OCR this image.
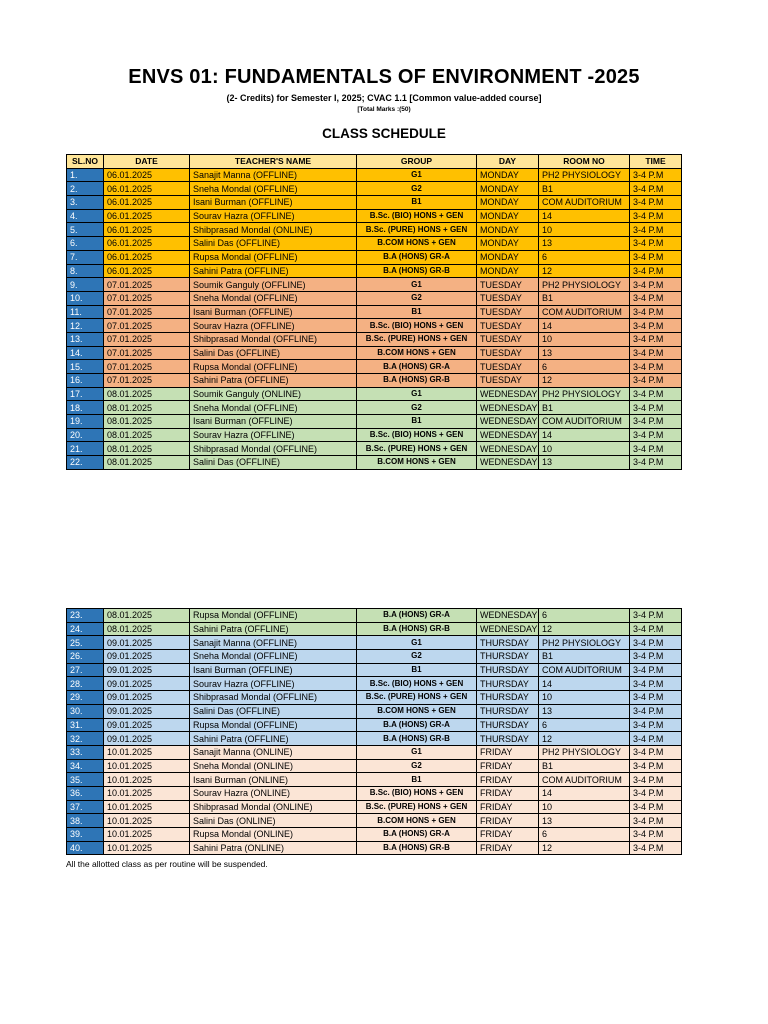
ENVS 01: FUNDAMENTALS OF ENVIRONMENT -2025
(2- Credits) for Semester I, 2025; CVAC 1.1 [Common value-added course]
[Total Marks :(50)
CLASS SCHEDULE
SL.NO	DATE	TEACHER'S NAME	GROUP	DAY	ROOM NO	TIME
1.	06.01.2025	Sanajit Manna (OFFLINE)	G1	MONDAY	PH2 PHYSIOLOGY	3-4 P.M
2.	06.01.2025	Sneha Mondal (OFFLINE)	G2	MONDAY	B1	3-4 P.M
3.	06.01.2025	Isani Burman (OFFLINE)	B1	MONDAY	COM AUDITORIUM	3-4 P.M
4.	06.01.2025	Sourav Hazra (OFFLINE)	B.Sc. (BIO) HONS + GEN	MONDAY	14	3-4 P.M
5.	06.01.2025	Shibprasad Mondal (ONLINE)	B.Sc. (PURE) HONS + GEN	MONDAY	10	3-4 P.M
6.	06.01.2025	Salini Das (OFFLINE)	B.COM HONS + GEN	MONDAY	13	3-4 P.M
7.	06.01.2025	Rupsa Mondal (OFFLINE)	B.A (HONS) GR-A	MONDAY	6	3-4 P.M
8.	06.01.2025	Sahini Patra (OFFLINE)	B.A (HONS) GR-B	MONDAY	12	3-4 P.M
9.	07.01.2025	Soumik Ganguly (OFFLINE)	G1	TUESDAY	PH2 PHYSIOLOGY	3-4 P.M
10.	07.01.2025	Sneha Mondal (OFFLINE)	G2	TUESDAY	B1	3-4 P.M
11.	07.01.2025	Isani Burman (OFFLINE)	B1	TUESDAY	COM AUDITORIUM	3-4 P.M
12.	07.01.2025	Sourav Hazra (OFFLINE)	B.Sc. (BIO) HONS + GEN	TUESDAY	14	3-4 P.M
13.	07.01.2025	Shibprasad Mondal (OFFLINE)	B.Sc. (PURE) HONS + GEN	TUESDAY	10	3-4 P.M
14.	07.01.2025	Salini Das (OFFLINE)	B.COM HONS + GEN	TUESDAY	13	3-4 P.M
15.	07.01.2025	Rupsa Mondal (OFFLINE)	B.A (HONS) GR-A	TUESDAY	6	3-4 P.M
16.	07.01.2025	Sahini Patra (OFFLINE)	B.A (HONS) GR-B	TUESDAY	12	3-4 P.M
17.	08.01.2025	Soumik Ganguly (ONLINE)	G1	WEDNESDAY	PH2 PHYSIOLOGY	3-4 P.M
18.	08.01.2025	Sneha Mondal (OFFLINE)	G2	WEDNESDAY	B1	3-4 P.M
19.	08.01.2025	Isani Burman (OFFLINE)	B1	WEDNESDAY	COM AUDITORIUM	3-4 P.M
20.	08.01.2025	Sourav Hazra (OFFLINE)	B.Sc. (BIO) HONS + GEN	WEDNESDAY	14	3-4 P.M
21.	08.01.2025	Shibprasad Mondal (OFFLINE)	B.Sc. (PURE) HONS + GEN	WEDNESDAY	10	3-4 P.M
22.	08.01.2025	Salini Das (OFFLINE)	B.COM HONS + GEN	WEDNESDAY	13	3-4 P.M
23.	08.01.2025	Rupsa Mondal (OFFLINE)	B.A (HONS) GR-A	WEDNESDAY	6	3-4 P.M
24.	08.01.2025	Sahini Patra (OFFLINE)	B.A (HONS) GR-B	WEDNESDAY	12	3-4 P.M
25.	09.01.2025	Sanajit Manna (OFFLINE)	G1	THURSDAY	PH2 PHYSIOLOGY	3-4 P.M
26.	09.01.2025	Sneha Mondal (OFFLINE)	G2	THURSDAY	B1	3-4 P.M
27.	09.01.2025	Isani Burman (OFFLINE)	B1	THURSDAY	COM AUDITORIUM	3-4 P.M
28.	09.01.2025	Sourav Hazra (OFFLINE)	B.Sc. (BIO) HONS + GEN	THURSDAY	14	3-4 P.M
29.	09.01.2025	Shibprasad Mondal (OFFLINE)	B.Sc. (PURE) HONS + GEN	THURSDAY	10	3-4 P.M
30.	09.01.2025	Salini Das (OFFLINE)	B.COM HONS + GEN	THURSDAY	13	3-4 P.M
31.	09.01.2025	Rupsa Mondal (OFFLINE)	B.A (HONS) GR-A	THURSDAY	6	3-4 P.M
32.	09.01.2025	Sahini Patra (OFFLINE)	B.A (HONS) GR-B	THURSDAY	12	3-4 P.M
33.	10.01.2025	Sanajit Manna (ONLINE)	G1	FRIDAY	PH2 PHYSIOLOGY	3-4 P.M
34.	10.01.2025	Sneha Mondal (ONLINE)	G2	FRIDAY	B1	3-4 P.M
35.	10.01.2025	Isani Burman (ONLINE)	B1	FRIDAY	COM AUDITORIUM	3-4 P.M
36.	10.01.2025	Sourav Hazra (ONLINE)	B.Sc. (BIO) HONS + GEN	FRIDAY	14	3-4 P.M
37.	10.01.2025	Shibprasad Mondal (ONLINE)	B.Sc. (PURE) HONS + GEN	FRIDAY	10	3-4 P.M
38.	10.01.2025	Salini Das (ONLINE)	B.COM HONS + GEN	FRIDAY	13	3-4 P.M
39.	10.01.2025	Rupsa Mondal (ONLINE)	B.A (HONS) GR-A	FRIDAY	6	3-4 P.M
40.	10.01.2025	Sahini Patra (ONLINE)	B.A (HONS) GR-B	FRIDAY	12	3-4 P.M
All the allotted class as per routine will be suspended.
